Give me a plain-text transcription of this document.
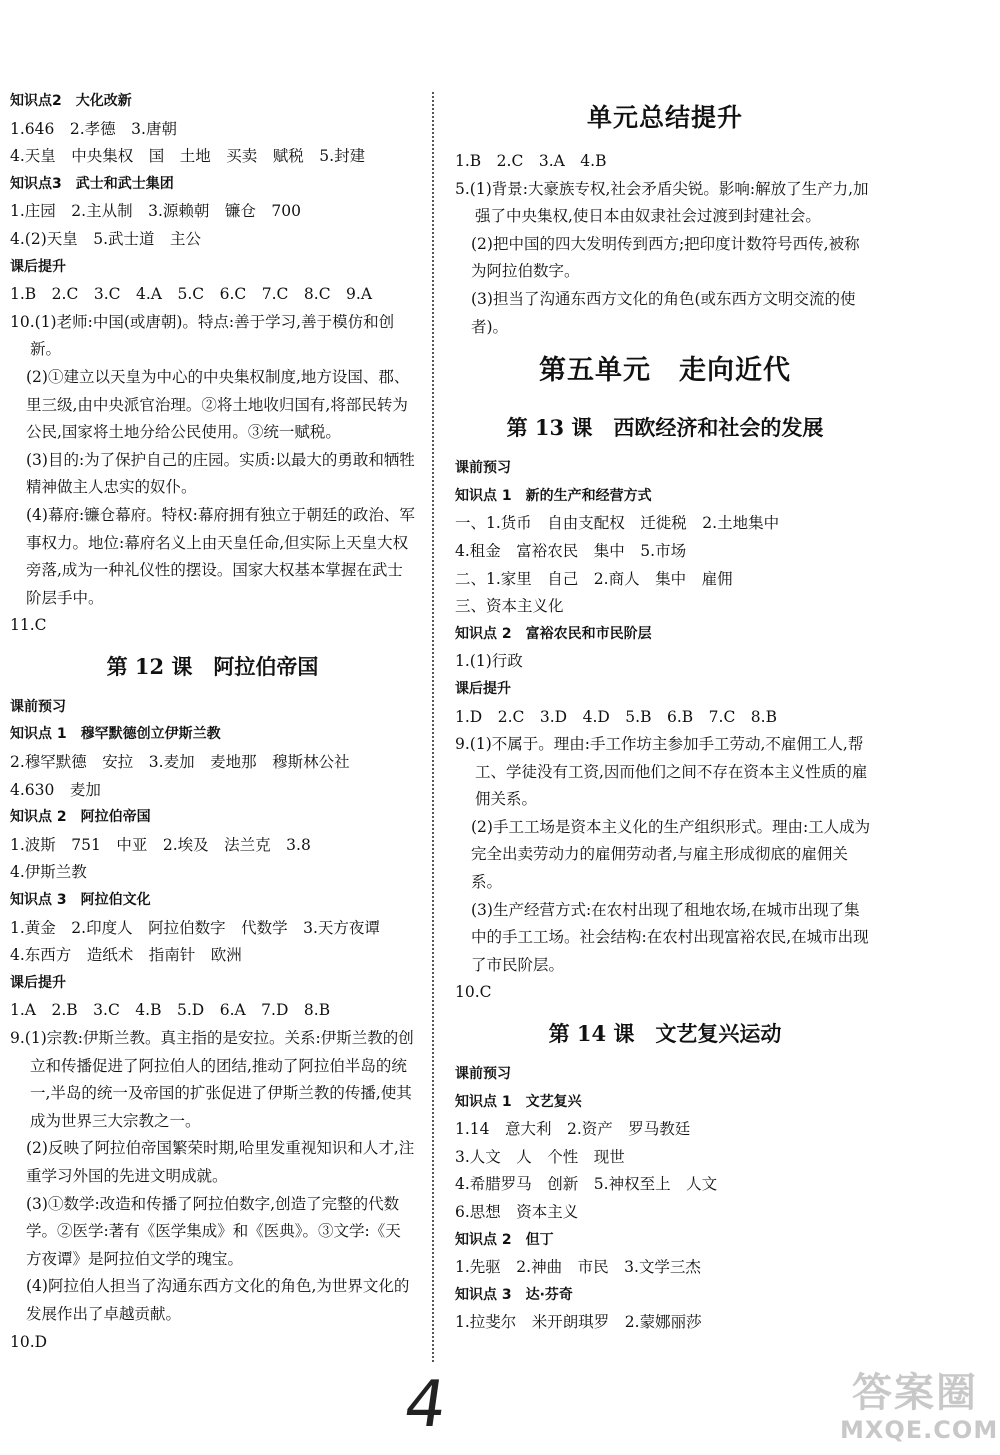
知识点2　大化改新
1.646　2.孝德　3.唐朝
4.天皇　中央集权　国　土地　买卖　赋税　5.封建
知识点3　武士和武士集团
1.庄园　2.主从制　3.源赖朝　镰仓　700
4.(2)天皇　5.武士道　主公
课后提升
1.B　2.C　3.C　4.A　5.C　6.C　7.C　8.C　9.A
10.(1)老师:中国(或唐朝)。特点:善于学习,善于模仿和创新。
(2)①建立以天皇为中心的中央集权制度,地方设国、郡、里三级,由中央派官治理。②将土地收归国有,将部民转为公民,国家将土地分给公民使用。③统一赋税。
(3)目的:为了保护自己的庄园。实质:以最大的勇敢和牺牲精神做主人忠实的奴仆。
(4)幕府:镰仓幕府。特权:幕府拥有独立于朝廷的政治、军事权力。地位:幕府名义上由天皇任命,但实际上天皇大权旁落,成为一种礼仪性的摆设。国家大权基本掌握在武士阶层手中。
11.C
第 12 课　阿拉伯帝国
课前预习
知识点 1　穆罕默德创立伊斯兰教
2.穆罕默德　安拉　3.麦加　麦地那　穆斯林公社
4.630　麦加
知识点 2　阿拉伯帝国
1.波斯　751　中亚　2.埃及　法兰克　3.8
4.伊斯兰教
知识点 3　阿拉伯文化
1.黄金　2.印度人　阿拉伯数字　代数学　3.天方夜谭
4.东西方　造纸术　指南针　欧洲
课后提升
1.A　2.B　3.C　4.B　5.D　6.A　7.D　8.B
9.(1)宗教:伊斯兰教。真主指的是安拉。关系:伊斯兰教的创立和传播促进了阿拉伯人的团结,推动了阿拉伯半岛的统一,半岛的统一及帝国的扩张促进了伊斯兰教的传播,使其成为世界三大宗教之一。
(2)反映了阿拉伯帝国繁荣时期,哈里发重视知识和人才,注重学习外国的先进文明成就。
(3)①数学:改造和传播了阿拉伯数字,创造了完整的代数学。②医学:著有《医学集成》和《医典》。③文学:《天方夜谭》是阿拉伯文学的瑰宝。
(4)阿拉伯人担当了沟通东西方文化的角色,为世界文化的发展作出了卓越贡献。
10.D
单元总结提升
1.B　2.C　3.A　4.B
5.(1)背景:大豪族专权,社会矛盾尖锐。影响:解放了生产力,加强了中央集权,使日本由奴隶社会过渡到封建社会。
(2)把中国的四大发明传到西方;把印度计数符号西传,被称为阿拉伯数字。
(3)担当了沟通东西方文化的角色(或东西方文明交流的使者)。
第五单元　走向近代
第 13 课　西欧经济和社会的发展
课前预习
知识点 1　新的生产和经营方式
一、1.货币　自由支配权　迁徙税　2.土地集中
4.租金　富裕农民　集中　5.市场
二、1.家里　自己　2.商人　集中　雇佣
三、资本主义化
知识点 2　富裕农民和市民阶层
1.(1)行政
课后提升
1.D　2.C　3.D　4.D　5.B　6.B　7.C　8.B
9.(1)不属于。理由:手工作坊主参加手工劳动,不雇佣工人,帮工、学徒没有工资,因而他们之间不存在资本主义性质的雇佣关系。
(2)手工工场是资本主义化的生产组织形式。理由:工人成为完全出卖劳动力的雇佣劳动者,与雇主形成彻底的雇佣关系。
(3)生产经营方式:在农村出现了租地农场,在城市出现了集中的手工工场。社会结构:在农村出现富裕农民,在城市出现了市民阶层。
10.C
第 14 课　文艺复兴运动
课前预习
知识点 1　文艺复兴
1.14　意大利　2.资产　罗马教廷
3.人文　人　个性　现世
4.希腊罗马　创新　5.神权至上　人文
6.思想　资本主义
知识点 2　但丁
1.先驱　2.神曲　市民　3.文学三杰
知识点 3　达·芬奇
1.拉斐尔　米开朗琪罗　2.蒙娜丽莎
4	答案圈
MXQE.COM
